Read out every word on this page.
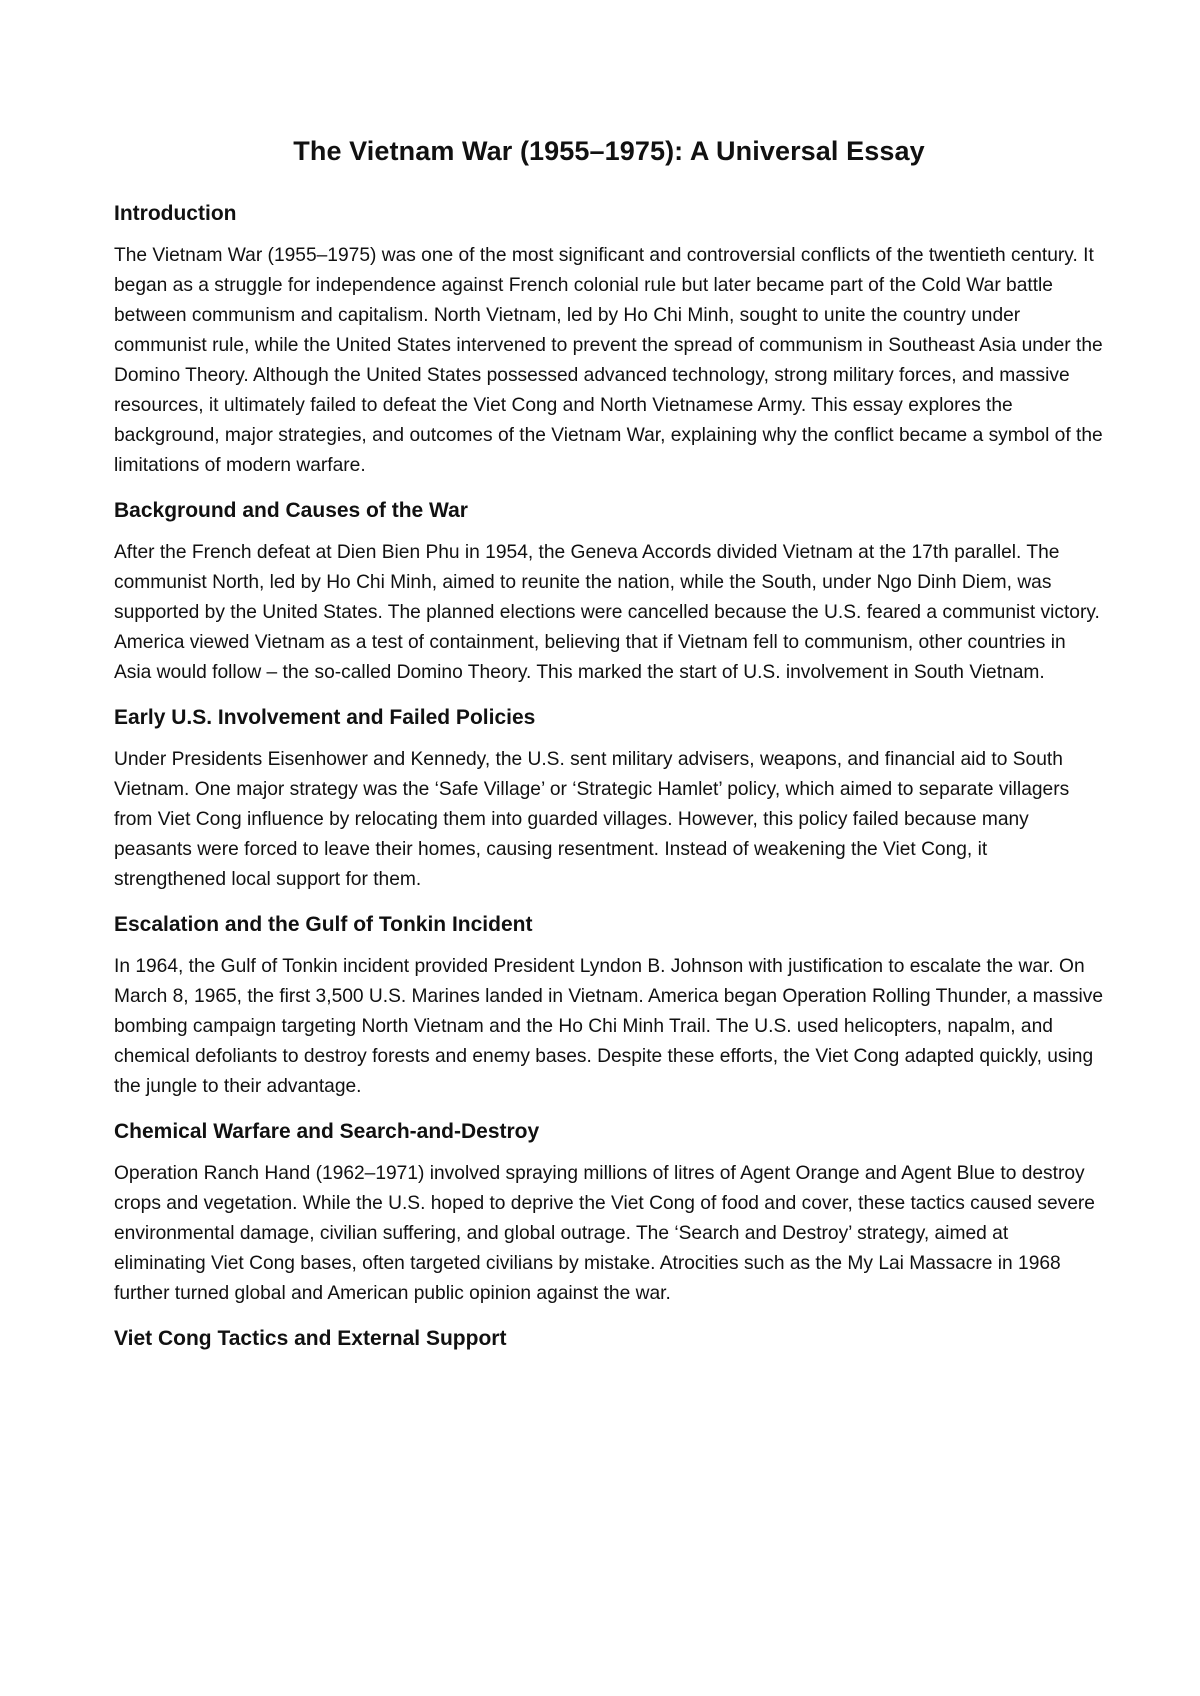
The Vietnam War (1955–1975): A Universal Essay
Introduction

The Vietnam War (1955–1975) was one of the most significant and controversial conflicts of the twentieth century. It began as a struggle for independence against French colonial rule but later became part of the Cold War battle between communism and capitalism. North Vietnam, led by Ho Chi Minh, sought to unite the country under communist rule, while the United States intervened to prevent the spread of communism in Southeast Asia under the Domino Theory. Although the United States possessed advanced technology, strong military forces, and massive resources, it ultimately failed to defeat the Viet Cong and North Vietnamese Army. This essay explores the background, major strategies, and outcomes of the Vietnam War, explaining why the conflict became a symbol of the limitations of modern warfare.

Background and Causes of the War

After the French defeat at Dien Bien Phu in 1954, the Geneva Accords divided Vietnam at the 17th parallel. The communist North, led by Ho Chi Minh, aimed to reunite the nation, while the South, under Ngo Dinh Diem, was supported by the United States. The planned elections were cancelled because the U.S. feared a communist victory. America viewed Vietnam as a test of containment, believing that if Vietnam fell to communism, other countries in Asia would follow – the so-called Domino Theory. This marked the start of U.S. involvement in South Vietnam.

Early U.S. Involvement and Failed Policies

Under Presidents Eisenhower and Kennedy, the U.S. sent military advisers, weapons, and financial aid to South Vietnam. One major strategy was the ‘Safe Village’ or ‘Strategic Hamlet’ policy, which aimed to separate villagers from Viet Cong influence by relocating them into guarded villages. However, this policy failed because many peasants were forced to leave their homes, causing resentment. Instead of weakening the Viet Cong, it strengthened local support for them.

Escalation and the Gulf of Tonkin Incident

In 1964, the Gulf of Tonkin incident provided President Lyndon B. Johnson with justification to escalate the war. On March 8, 1965, the first 3,500 U.S. Marines landed in Vietnam. America began Operation Rolling Thunder, a massive bombing campaign targeting North Vietnam and the Ho Chi Minh Trail. The U.S. used helicopters, napalm, and chemical defoliants to destroy forests and enemy bases. Despite these efforts, the Viet Cong adapted quickly, using the jungle to their advantage.

Chemical Warfare and Search-and-Destroy

Operation Ranch Hand (1962–1971) involved spraying millions of litres of Agent Orange and Agent Blue to destroy crops and vegetation. While the U.S. hoped to deprive the Viet Cong of food and cover, these tactics caused severe environmental damage, civilian suffering, and global outrage. The ‘Search and Destroy’ strategy, aimed at eliminating Viet Cong bases, often targeted civilians by mistake. Atrocities such as the My Lai Massacre in 1968 further turned global and American public opinion against the war.

Viet Cong Tactics and External Support
